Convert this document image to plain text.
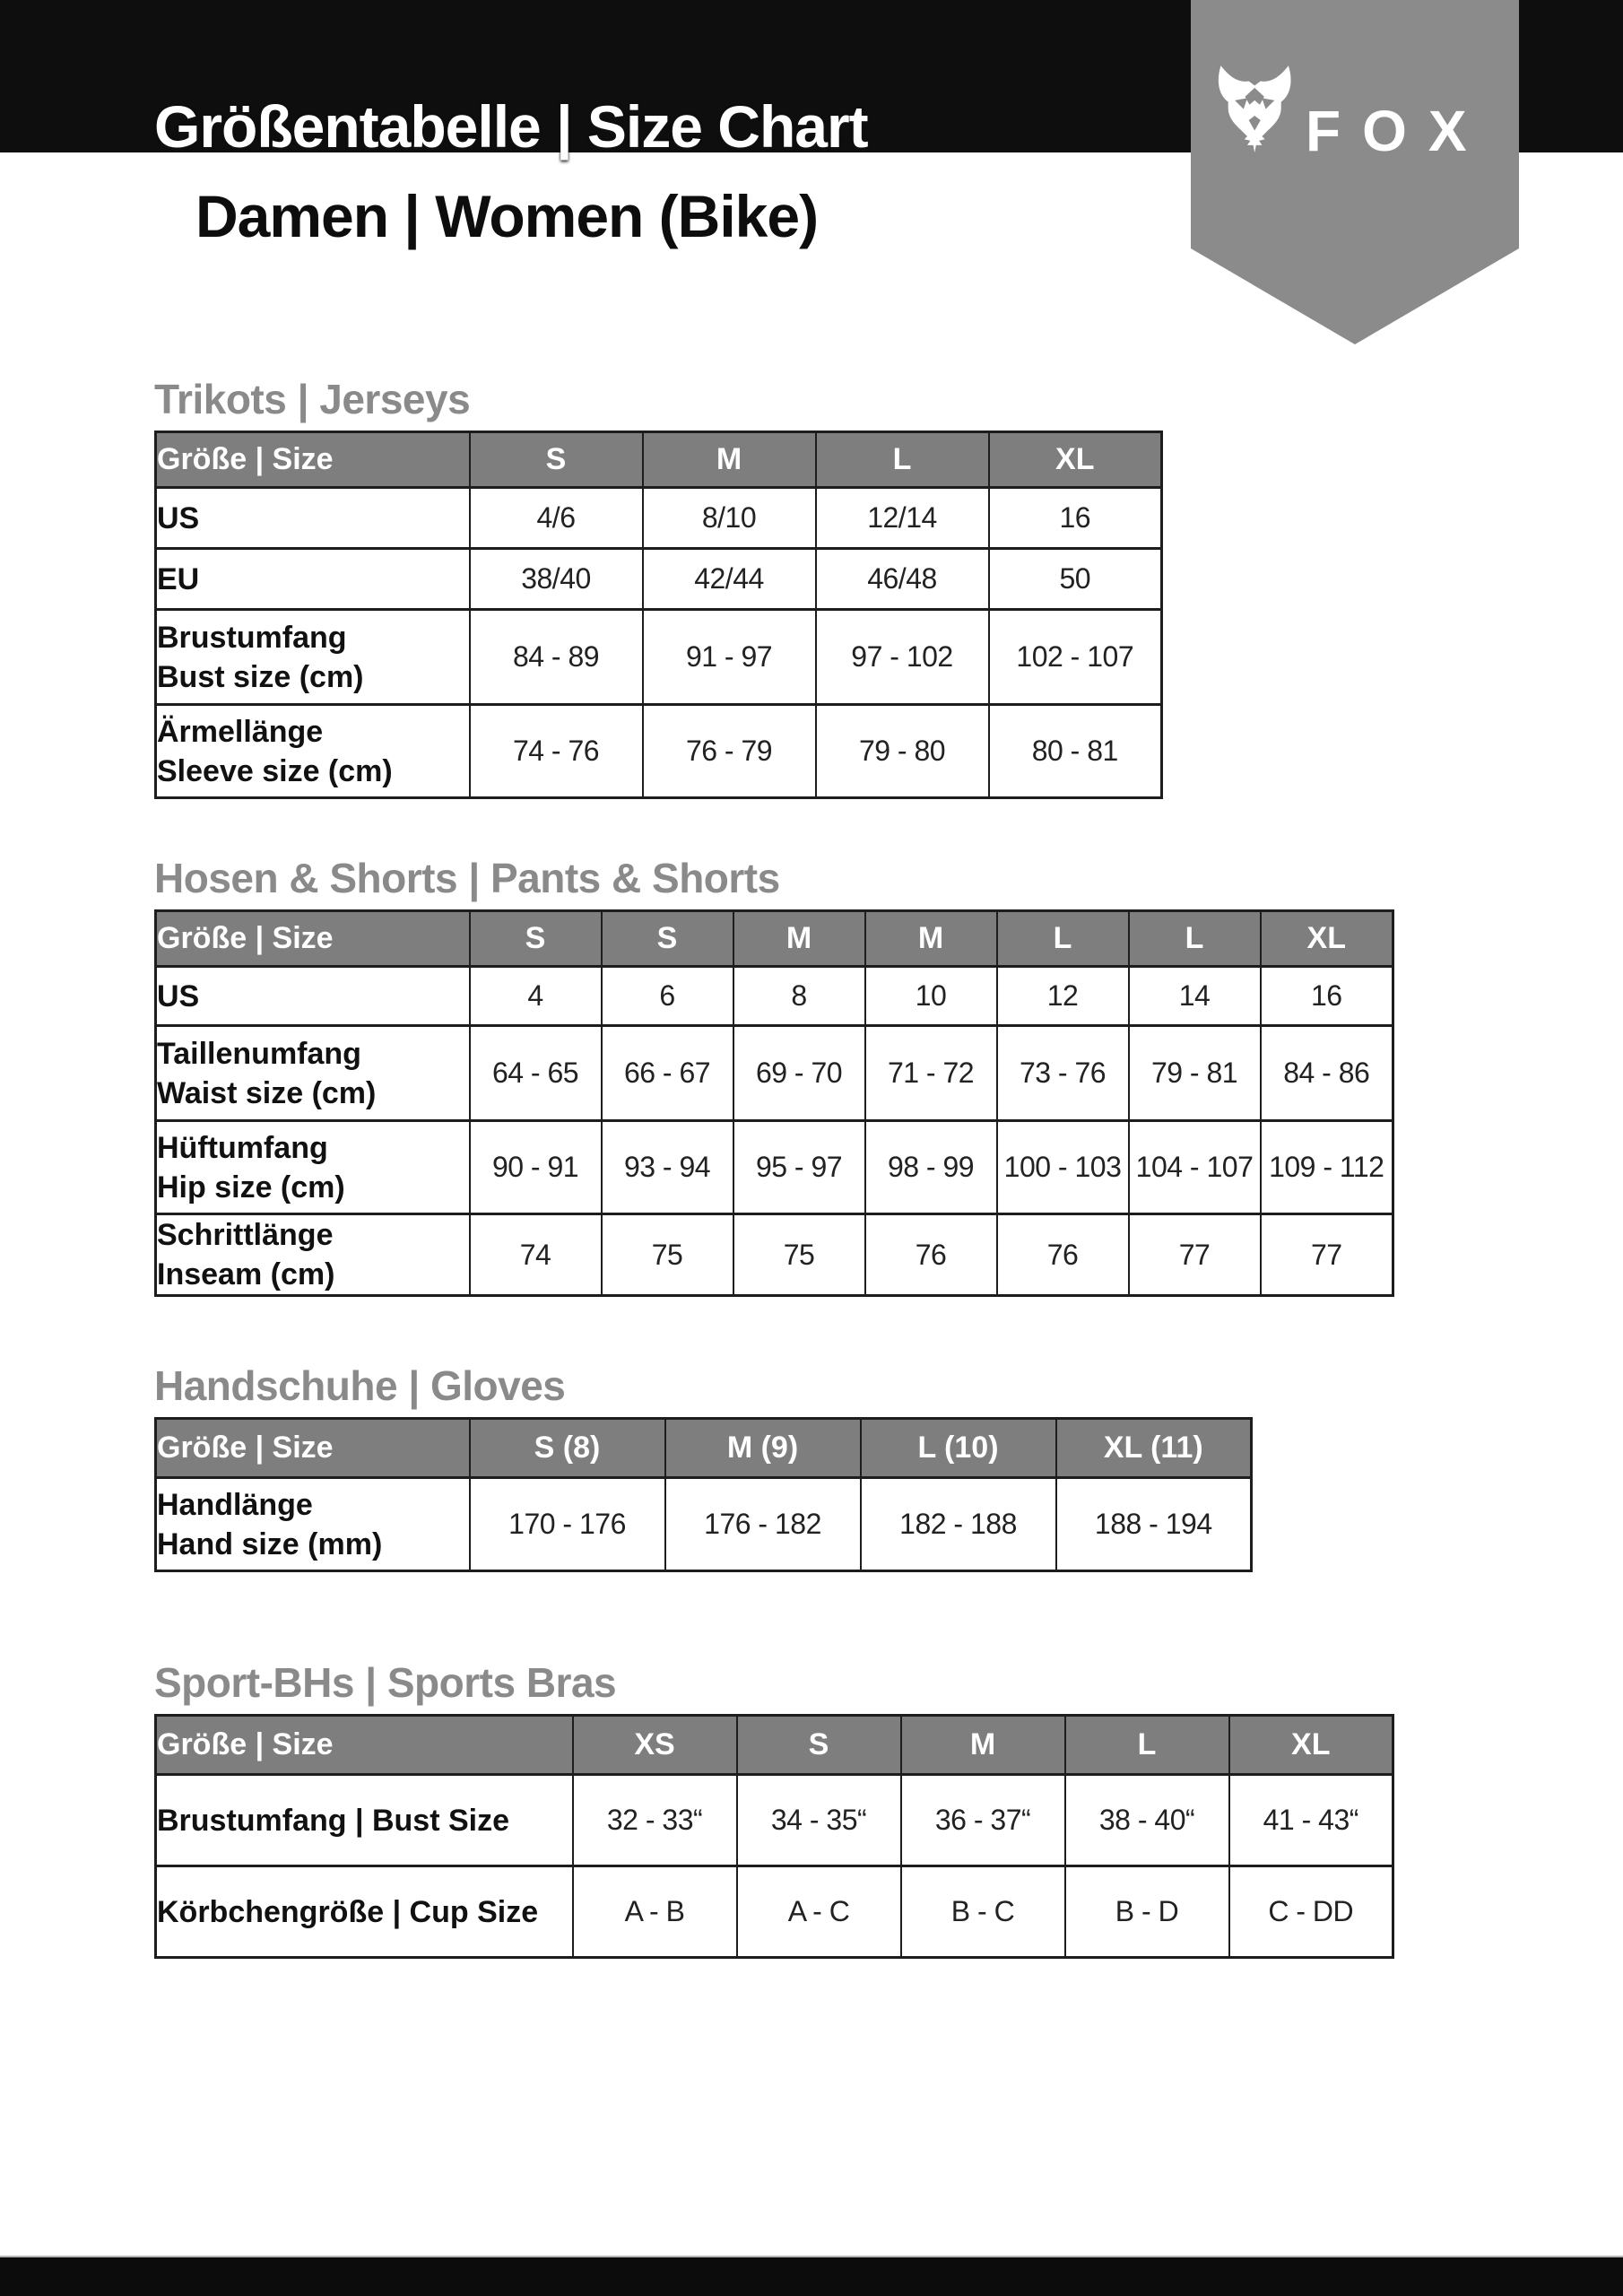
Größentabelle | Size Chart
Damen | Women (Bike)
FOX
Trikots | Jerseys
Größe | Size	S	M	L	XL

US	4/6	8/10	12/14	16

EU	38/40	42/44	46/48	50

Brustumfang
Bust size (cm)	84 - 89	91 - 97	97 - 102	102 - 107

Ärmellänge
Sleeve size (cm)	74 - 76	76 - 79	79 - 80	80 - 81
Hosen & Shorts | Pants & Shorts
Größe | Size	S	S	M	M	L	L	XL

US	4	6	8	10	12	14	16

Taillenumfang
Waist size (cm)	64 - 65	66 - 67	69 - 70	71 - 72	73 - 76	79 - 81	84 - 86

Hüftumfang
Hip size (cm)	90 - 91	93 - 94	95 - 97	98 - 99	100 - 103	104 - 107	109 - 112

Schrittlänge
Inseam (cm)	74	75	75	76	76	77	77
Handschuhe | Gloves
Größe | Size	S (8)	M (9)	L (10)	XL (11)

Handlänge
Hand size (mm)	170 - 176	176 - 182	182 - 188	188 - 194
Sport-BHs | Sports Bras
Größe | Size	XS	S	M	L	XL

Brustumfang | Bust Size	32 - 33“	34 - 35“	36 - 37“	38 - 40“	41 - 43“

Körbchengröße | Cup Size	A - B	A - C	B - C	B - D	C - DD
